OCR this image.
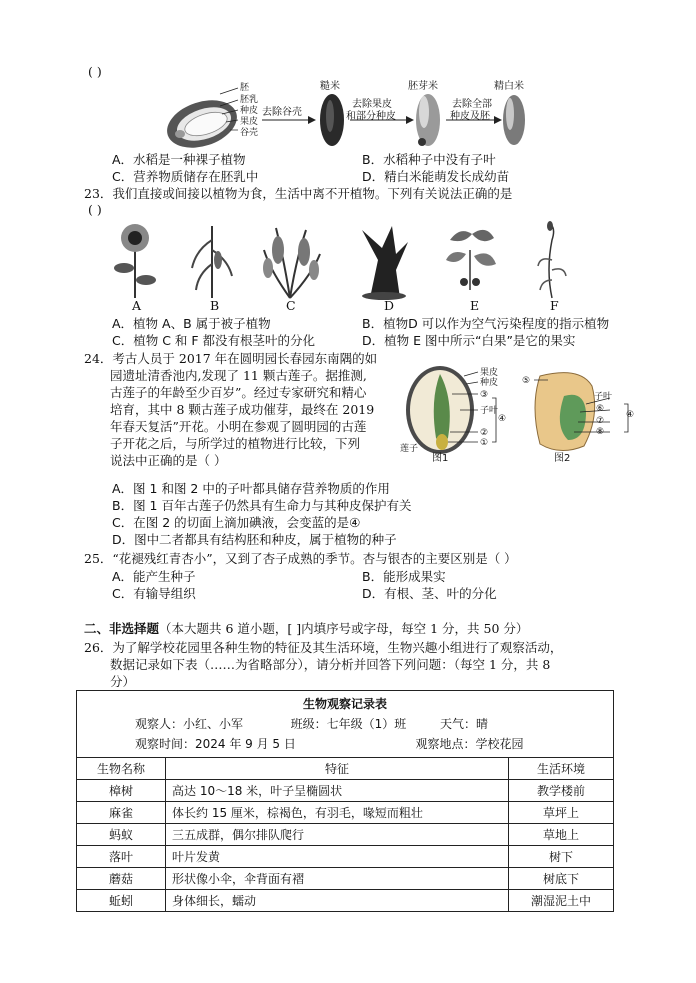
( )
胚
胚乳
种皮
果皮
谷壳
去除谷壳
糙米
去除果皮
和部分种皮
胚芽米
去除全部
种皮及胚
精白米
A．水稻是一种裸子植物	B．水稻种子中没有子叶
C．营养物质储存在胚乳中	D．精白米能萌发长成幼苗
23．我们直接或间接以植物为食，生活中离不开植物。下列有关说法正确的是
( )
A	B	C	D	E	F
A．植物 A、B 属于被子植物	B．植物D 可以作为空气污染程度的指示植物
C．植物 C 和 F 都没有根茎叶的分化	D．植物 E 图中所示“白果”是它的果实
24．考古人员于 2017 年在圆明园长春园东南隅的如
园遗址清香池内,发现了 11 颗古莲子。据推测,
古莲子的年龄至少百岁”。经过专家研究和精心
培育，其中 8 颗古莲子成功催芽，最终在 2019
年春天复活”开花。小明在参观了圆明园的古莲
子开花之后，与所学过的植物进行比较，下列
说法中正确的是（ ）
果皮
种皮
③
子叶
②
①
④
莲子
图1
⑤
子叶
⑥
⑦
⑧
④
图2
A．图 1 和图 2 中的子叶都具储存营养物质的作用
B．图 1 百年古莲子仍然具有生命力与其种皮保护有关
C．在图 2 的切面上滴加碘液，会变蓝的是④
D．图中二者都具有结构胚和种皮，属于植物的种子
25．“花褪残红青杏小”，又到了杏子成熟的季节。杏与银杏的主要区别是（ ）
A．能产生种子	B．能形成果实
C．有输导组织	D．有根、茎、叶的分化
二、非选择题（本大题共 6 道小题，[ ]内填序号或字母，每空 1 分，共 50 分）
26．为了解学校花园里各种生物的特征及其生活环境，生物兴趣小组进行了观察活动，
数据记录如下表（……为省略部分），请分析并回答下列问题：（每空 1 分，共 8
分）
生物观察记录表
观察人：小红、小军 班级：七年级（1）班 天气：晴
观察时间：2024 年 9 月 5 日 观察地点：学校花园		

生物名称	特征	生活环境
樟树	高达 10～18 米，叶子呈椭圆状	教学楼前
麻雀	体长约 15 厘米，棕褐色，有羽毛，喙短而粗壮	草坪上
蚂蚁	三五成群，偶尔排队爬行	草地上
落叶	叶片发黄	树下
蘑菇	形状像小伞，伞背面有褶	树底下
蚯蚓	身体细长，蠕动	潮湿泥土中
